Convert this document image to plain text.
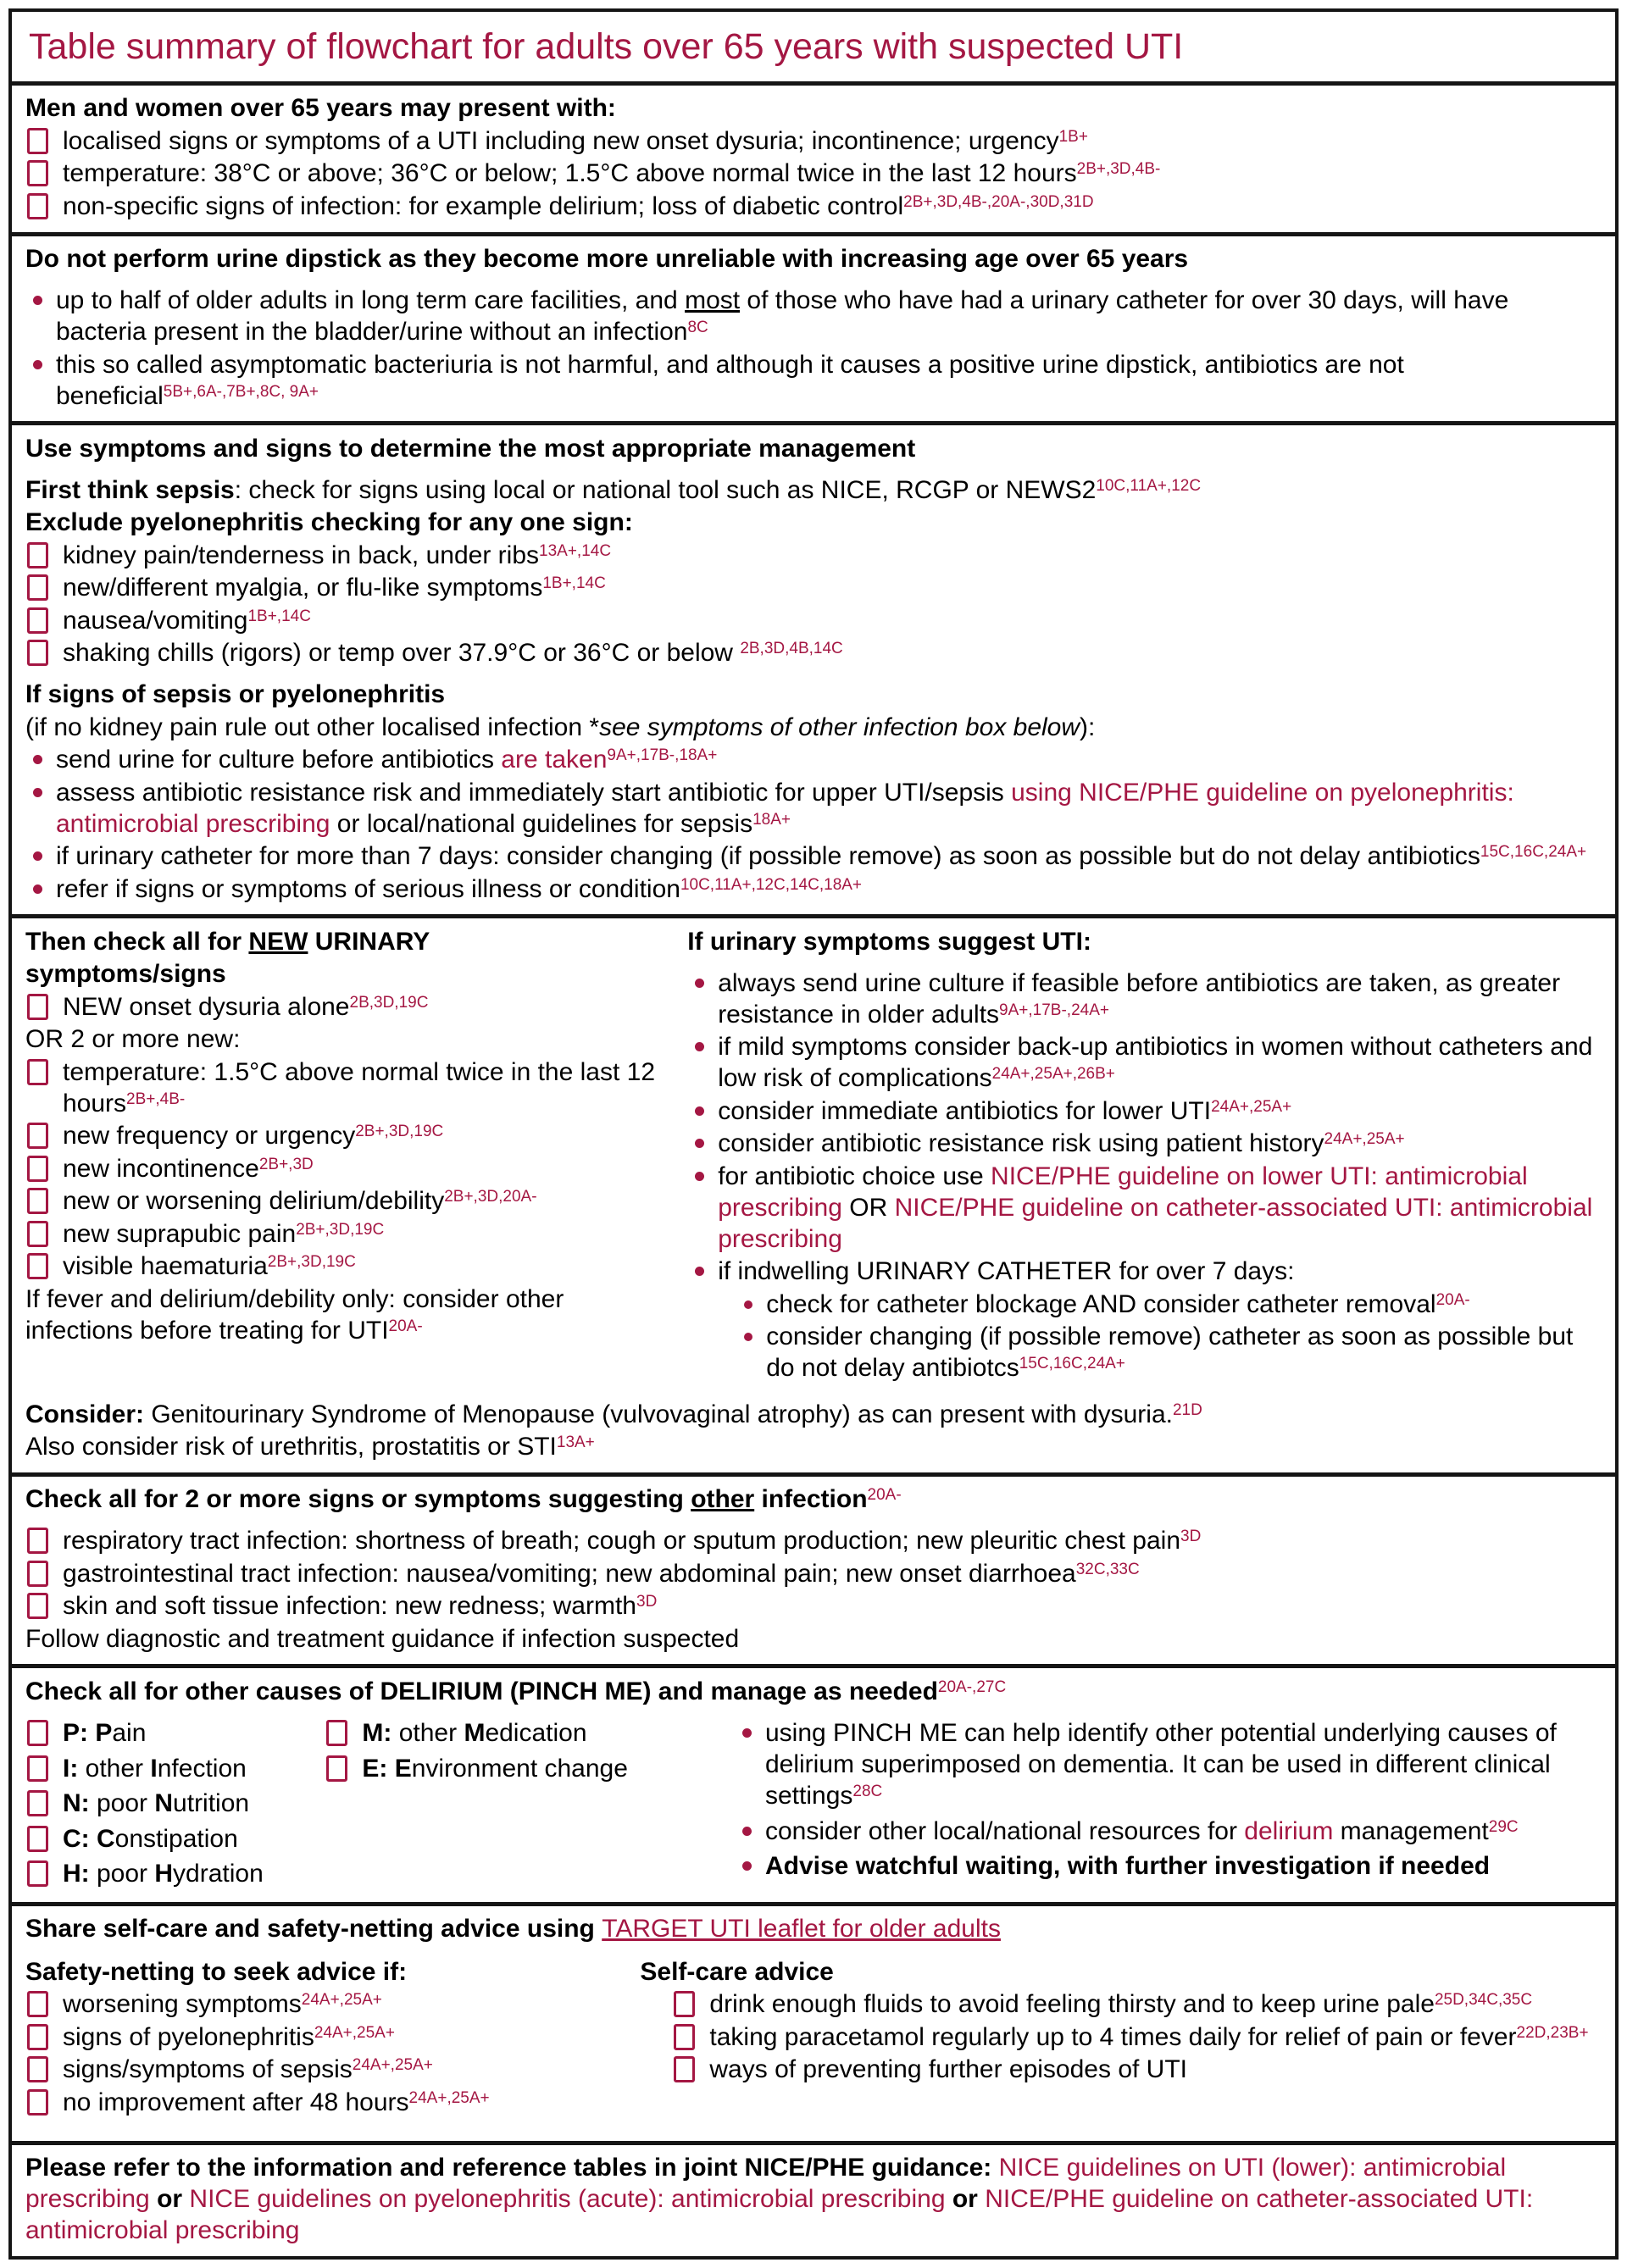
Table summary of flowchart for adults over 65 years with suspected UTI
Men and women over 65 years may present with:
localised signs or symptoms of a UTI including new onset dysuria; incontinence; urgency$^{1B+}$
temperature: 38°C or above; 36°C or below; 1.5°C above normal twice in the last 12 hours$^{2B+,3D,4B-}$
non-specific signs of infection: for example delirium; loss of diabetic control$^{2B+,3D,4B-,20A-,30D,31D}$
Do not perform urine dipstick as they become more unreliable with increasing age over 65 years
up to half of older adults in long term care facilities, and most of those who have had a urinary catheter for over 30 days, will have bacteria present in the bladder/urine without an infection$^{8C}$
this so called asymptomatic bacteriuria is not harmful, and although it causes a positive urine dipstick, antibiotics are not beneficial$^{5B+,6A-,7B+,8C, 9A+}$
Use symptoms and signs to determine the most appropriate management
First think sepsis: check for signs using local or national tool such as NICE, RCGP or $NEWS2^{10C,11A+,12C}$
Exclude pyelonephritis checking for any one sign:
kidney pain/tenderness in back, under ribs$^{13A+,14C}$
new/different myalgia, or flu-like symptoms$^{1B+,14C}$
nausea/vomiting$^{1B+,14C}$
shaking chills (rigors) or temp over 37.9°C or 36°C or below $^{2B,3D,4B,14C}$
If signs of sepsis or pyelonephritis
(if no kidney pain rule out other localised infection *see symptoms of other infection box below):
send urine for culture before antibiotics are taken$^{9A+,17B-,18A+}$
assess antibiotic resistance risk and immediately start antibiotic for upper UTI/sepsis using NICE/PHE guideline on pyelonephritis: antimicrobial prescribing or local/national guidelines for sepsis$^{18A+}$
if urinary catheter for more than 7 days: consider changing (if possible remove) as soon as possible but do not delay antibiotics$^{15C,16C,24A+}$
refer if signs or symptoms of serious illness or condition$^{10C,11A+,12C,14C,18A+}$
Then check all for NEW URINARY
symptoms/signs
NEW onset dysuria alone$^{2B,3D,19C}$
OR 2 or more new:
temperature: 1.5°C above normal twice in the last 12 hours$^{2B+,4B-}$
new frequency or urgency$^{2B+,3D,19C}$
new incontinence$^{2B+,3D}$
new or worsening delirium/debility$^{2B+,3D,20A-}$
new suprapubic pain$^{2B+,3D,19C}$
visible haematuria$^{2B+,3D,19C}$
If fever and delirium/debility only: consider other infections before treating for $UTI^{20A-}$
If urinary symptoms suggest UTI:
always send urine culture if feasible before antibiotics are taken, as greater resistance in older adults$^{9A+,17B-,24A+}$
if mild symptoms consider back-up antibiotics in women without catheters and low risk of complications$^{24A+,25A+,26B+}$
consider immediate antibiotics for lower $UTI^{24A+,25A+}$
consider antibiotic resistance risk using patient history$^{24A+,25A+}$
for antibiotic choice use NICE/PHE guideline on lower UTI: antimicrobial prescribing OR NICE/PHE guideline on catheter-associated UTI: antimicrobial prescribing
if indwelling URINARY CATHETER for over 7 days:
check for catheter blockage AND consider catheter removal$^{20A-}$
consider changing (if possible remove) catheter as soon as possible but do not delay antibiotcs$^{15C,16C,24A+}$
Consider: Genitourinary Syndrome of Menopause (vulvovaginal atrophy) as can present with dysuria.$^{21D}$
Also consider risk of urethritis, prostatitis or $STI^{13A+}$
Check all for 2 or more signs or symptoms suggesting other infection$^{20A-}$
respiratory tract infection: shortness of breath; cough or sputum production; new pleuritic chest pain$^{3D}$
gastrointestinal tract infection: nausea/vomiting; new abdominal pain; new onset diarrhoea$^{32C,33C}$
skin and soft tissue infection: new redness; warmth$^{3D}$
Follow diagnostic and treatment guidance if infection suspected
Check all for other causes of DELIRIUM (PINCH ME) and manage as needed$^{20A-,27C}$
P: Pain
I: other Infection
N: poor Nutrition
C: Constipation
H: poor Hydration
M: other Medication
E: Environment change
using PINCH ME can help identify other potential underlying causes of delirium superimposed on dementia. It can be used in different clinical settings$^{28C}$
consider other local/national resources for delirium management$^{29C}$
Advise watchful waiting, with further investigation if needed
Share self-care and safety-netting advice using TARGET UTI leaflet for older adults
Safety-netting to seek advice if:
worsening symptoms$^{24A+,25A+}$
signs of pyelonephritis$^{24A+,25A+}$
signs/symptoms of sepsis$^{24A+,25A+}$
no improvement after 48 hours$^{24A+,25A+}$
Self-care advice
drink enough fluids to avoid feeling thirsty and to keep urine pale$^{25D,34C,35C}$
taking paracetamol regularly up to 4 times daily for relief of pain or fever$^{22D,23B+}$
ways of preventing further episodes of UTI
Please refer to the information and reference tables in joint NICE/PHE guidance: NICE guidelines on UTI (lower): antimicrobial prescribing or NICE guidelines on pyelonephritis (acute): antimicrobial prescribing or NICE/PHE guideline on catheter-associated UTI: antimicrobial prescribing
